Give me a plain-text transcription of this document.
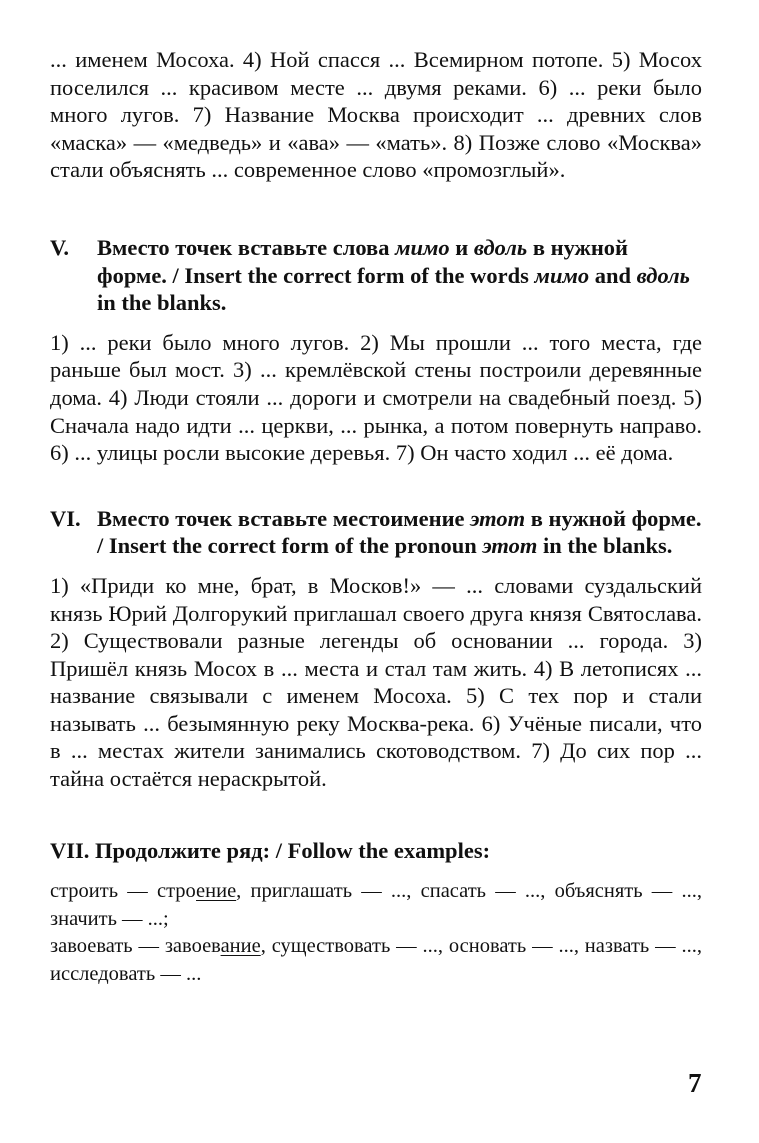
... именем Мосоха. 4) Ной спасся ... Всемирном потопе. 5) Мосох поселился ... красивом месте ... двумя реками. 6) ... реки было много лугов. 7) Название Москва происходит ... древних слов «маска» — «медведь» и «ава» — «мать». 8) Позже слово «Москва» стали объяснять ... современное слово «промозглый».

V.	Вместо точек вставьте слова мимо и вдоль в нужной форме. / Insert the correct form of the words мимо and вдоль in the blanks.

1) ... реки было много лугов. 2) Мы прошли ... того места, где раньше был мост. 3) ... кремлёвской стены построили деревянные дома. 4) Люди стояли ... дороги и смотрели на свадебный поезд. 5) Сначала надо идти ... церкви, ... рынка, а потом повернуть направо. 6) ... улицы росли высокие деревья. 7) Он часто ходил ... её дома.

VI. Вместо точек вставьте местоимение этот в нужной форме. / Insert the correct form of the pronoun этот in the blanks.

1) «Приди ко мне, брат, в Москов!» — ... словами суздальский князь Юрий Долгорукий приглашал своего друга князя Святослава. 2) Существовали разные легенды об основании ... города. 3) Пришёл князь Мосох в ... места и стал там жить. 4) В летописях ... название связывали с именем Мосоха. 5) С тех пор и стали называть ... безымянную реку Москва-река. 6) Учёные писали, что в ... местах жители занимались скотоводством. 7) До сих пор ... тайна остаётся нераскрытой.

VII. Продолжите ряд: / Follow the examples:

строить — строение, приглашать — ..., спасать — ..., объяснять — ..., значить — ...;

завоевать — завоевание, существовать — ..., основать — ..., назвать — ..., исследовать — ...

7
